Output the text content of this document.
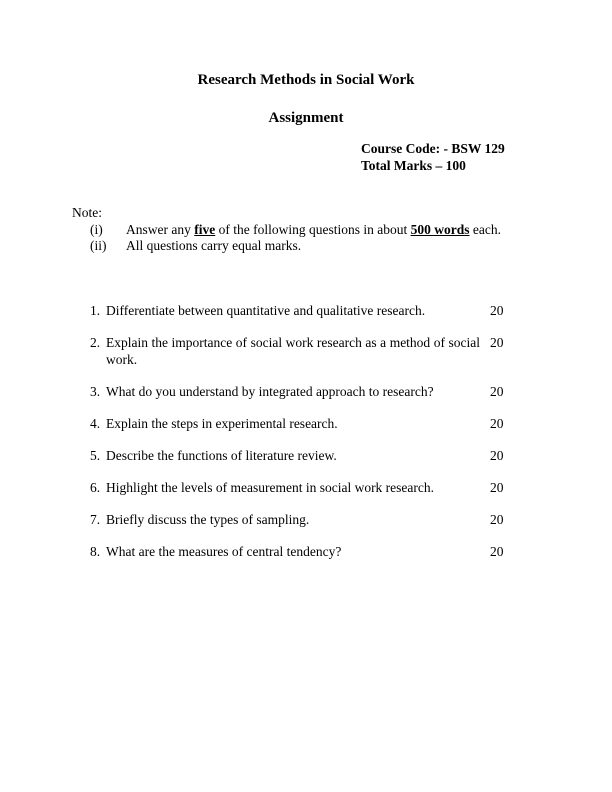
Research Methods in Social Work
Assignment
Course Code: - BSW 129
Total Marks – 100
Note:
(i) Answer any five of the following questions in about 500 words each.
(ii) All questions carry equal marks.
1. Differentiate between quantitative and qualitative research.	20
2. Explain the importance of social work research as a method of social work.
20
3. What do you understand by integrated approach to research?	20
4. Explain the steps in experimental research.	20
5. Describe the functions of literature review.	20
6. Highlight the levels of measurement in social work research.	20
7. Briefly discuss the types of sampling.	20
8. What are the measures of central tendency?	20
